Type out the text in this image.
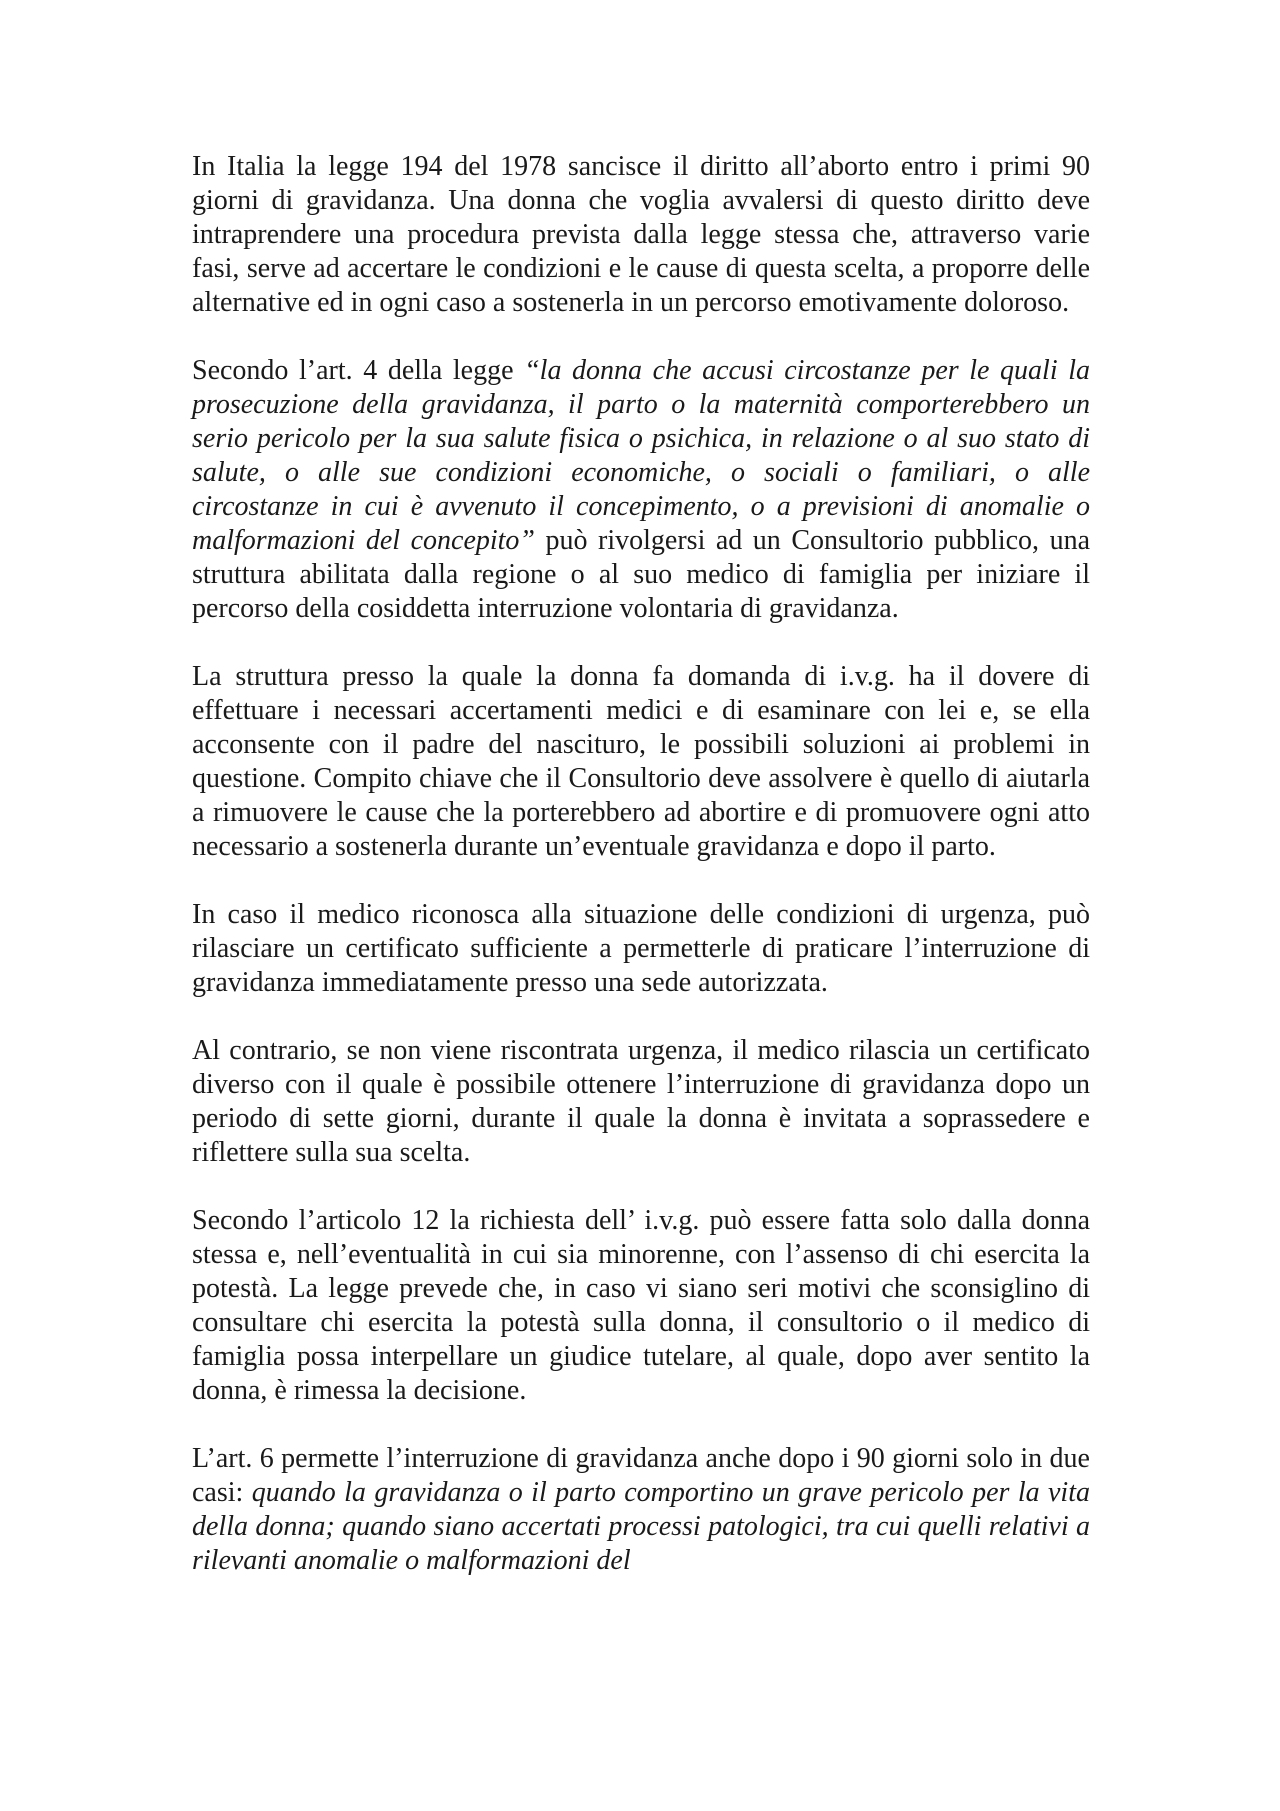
In Italia la legge 194 del 1978 sancisce il diritto all’aborto entro i primi 90 giorni di gravidanza. Una donna che voglia avvalersi di questo diritto deve intraprendere una procedura prevista dalla legge stessa che, attraverso varie fasi, serve ad accertare le condizioni e le cause di questa scelta, a proporre delle alternative ed in ogni caso a sostenerla in un percorso emotivamente doloroso.

Secondo l’art. 4 della legge “la donna che accusi circostanze per le quali la prosecuzione della gravidanza, il parto o la maternità comporterebbero un serio pericolo per la sua salute fisica o psichica, in relazione o al suo stato di salute, o alle sue condizioni economiche, o sociali o familiari, o alle circostanze in cui è avvenuto il concepimento, o a previsioni di anomalie o malformazioni del concepito” può rivolgersi ad un Consultorio pubblico, una struttura abilitata dalla regione o al suo medico di famiglia per iniziare il percorso della cosiddetta interruzione volontaria di gravidanza.

La struttura presso la quale la donna fa domanda di i.v.g. ha il dovere di effettuare i necessari accertamenti medici e di esaminare con lei e, se ella acconsente con il padre del nascituro, le possibili soluzioni ai problemi in questione. Compito chiave che il Consultorio deve assolvere è quello di aiutarla a rimuovere le cause che la porterebbero ad abortire e di promuovere ogni atto necessario a sostenerla durante un’eventuale gravidanza e dopo il parto.

In caso il medico riconosca alla situazione delle condizioni di urgenza, può rilasciare un certificato sufficiente a permetterle di praticare l’interruzione di gravidanza immediatamente presso una sede autorizzata.

Al contrario, se non viene riscontrata urgenza, il medico rilascia un certificato diverso con il quale è possibile ottenere l’interruzione di gravidanza dopo un periodo di sette giorni, durante il quale la donna è invitata a soprassedere e riflettere sulla sua scelta.

Secondo l’articolo 12 la richiesta dell’ i.v.g. può essere fatta solo dalla donna stessa e, nell’eventualità in cui sia minorenne, con l’assenso di chi esercita la potestà. La legge prevede che, in caso vi siano seri motivi che sconsiglino di consultare chi esercita la potestà sulla donna, il consultorio o il medico di famiglia possa interpellare un giudice tutelare, al quale, dopo aver sentito la donna, è rimessa la decisione.

L’art. 6 permette l’interruzione di gravidanza anche dopo i 90 giorni solo in due casi: quando la gravidanza o il parto comportino un grave pericolo per la vita della donna; quando siano accertati processi patologici, tra cui quelli relativi a rilevanti anomalie o malformazioni del
